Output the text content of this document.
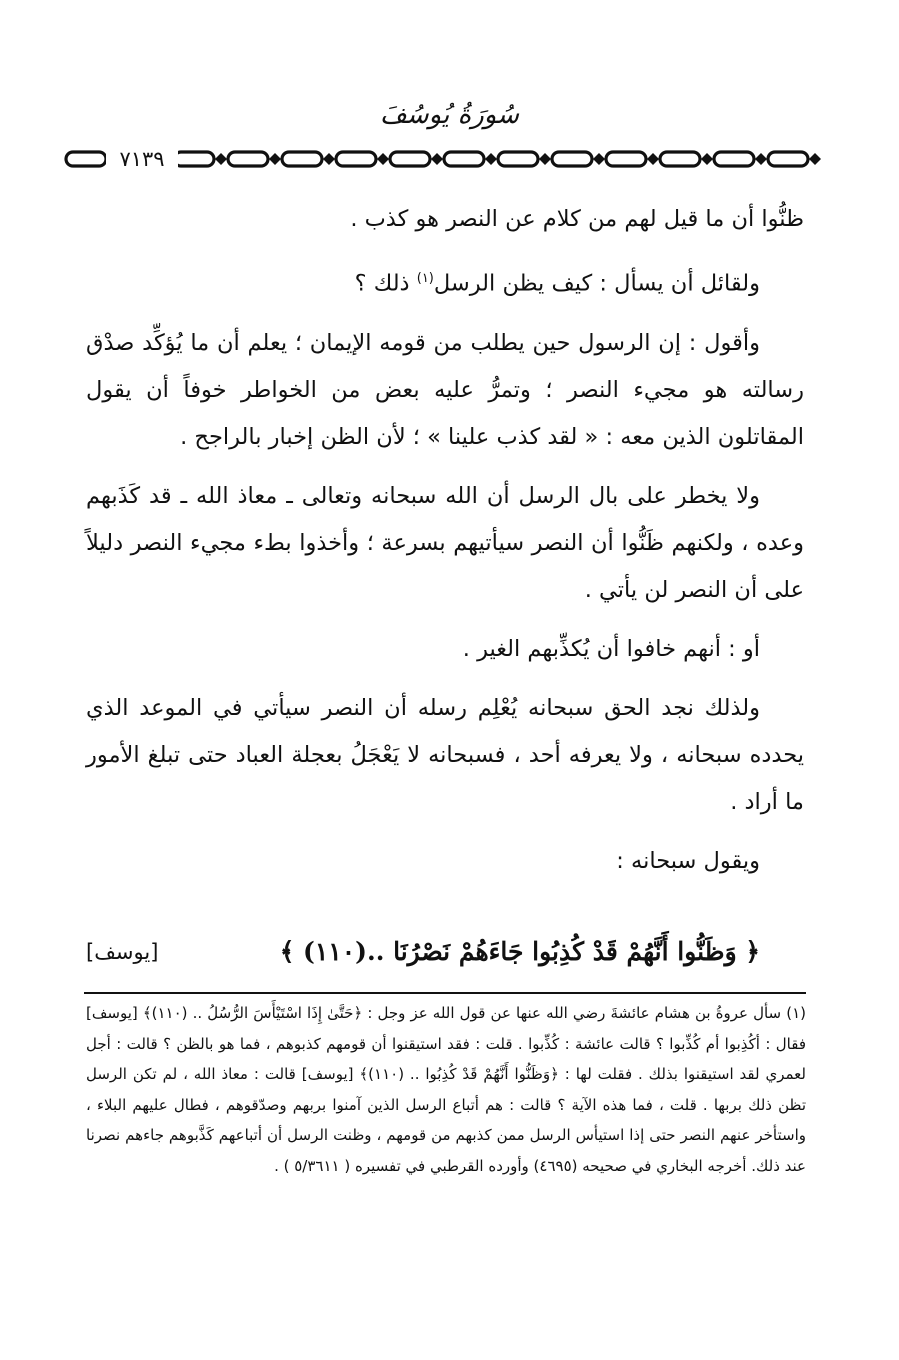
سُورَةُ يُوسُفَ
٧١٣٩

ظنُّوا أن ما قيل لهم من كلام عن النصر هو كذب .

ولقائل أن يسأل : كيف يظن الرسل$^{(١)}$ ذلك ؟

وأقول : إن الرسول حين يطلب من قومه الإيمان ؛ يعلم أن ما يُؤكِّد صدْق رسالته هو مجيء النصر ؛ وتمرُّ عليه بعض من الخواطر خوفاً أن يقول المقاتلون الذين معه : « لقد كذب علينا » ؛ لأن الظن إخبار بالراجح .

ولا يخطر على بال الرسل أن الله سبحانه وتعالى ـ معاذ الله ـ قد كَذَبهم وعده ، ولكنهم ظَنُّوا أن النصر سيأتيهم بسرعة ؛ وأخذوا بطء مجيء النصر دليلاً على أن النصر لن يأتي .

أو : أنهم خافوا أن يُكذِّبهم الغير .

ولذلك نجد الحق سبحانه يُعْلِم رسله أن النصر سيأتي في الموعد الذي يحدده سبحانه ، ولا يعرفه أحد ، فسبحانه لا يَعْجَلُ بعجلة العباد حتى تبلغ الأمور ما أراد .

ويقول سبحانه :

﴿ وَظَنُّوا أَنَّهُمْ قَدْ كُذِبُوا جَاءَهُمْ نَصْرُنَا ..(١١٠) ﴾
[يوسف]
(١) سأل عروةُ بن هشام عائشةَ رضي الله عنها عن قول الله عز وجل : ﴿حَتَّىٰ إِذَا اسْتَيْأَسَ الرُّسُلُ .. (١١٠)﴾ [يوسف] فقال : أكُذِبوا أم كُذِّبوا ؟ قالت عائشة : كُذِّبوا . قلت : فقد استيقنوا أن قومهم كذبوهم ، فما هو بالظن ؟ قالت : أجل لعمري لقد استيقنوا بذلك . فقلت لها : ﴿وَظَنُّوا أَنَّهُمْ قَدْ كُذِبُوا .. (١١٠)﴾ [يوسف] قالت : معاذ الله ، لم تكن الرسل تظن ذلك بربها . قلت ، فما هذه الآية ؟ قالت : هم أتباع الرسل الذين آمنوا بربهم وصدّقوهم ، فطال عليهم البلاء ، واستأخر عنهم النصر حتى إذا استيأس الرسل ممن كذبهم من قومهم ، وظنت الرسل أن أتباعهم كَذَّبوهم جاءهم نصرنا عند ذلك. أخرجه البخاري في صحيحه (٤٦٩٥) وأورده القرطبي في تفسيره ( ٥/٣٦١١ ) .
